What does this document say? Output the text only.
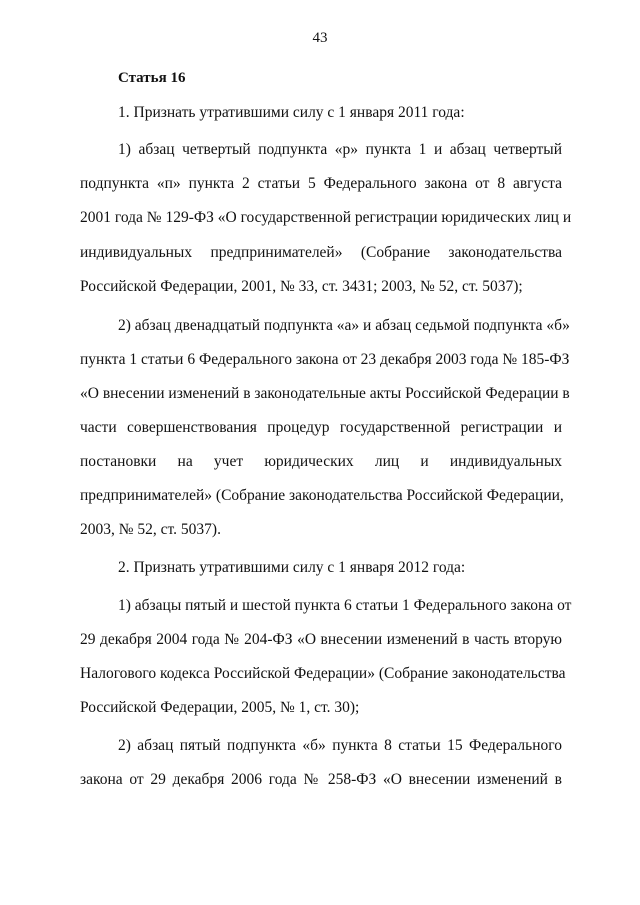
43
Статья 16
1. Признать утратившими силу с 1 января 2011 года:
1) абзац четвертый подпункта «р» пункта 1 и абзац четвертый
подпункта «п» пункта 2 статьи 5 Федерального закона от 8 августа
2001 года № 129-ФЗ «О государственной регистрации юридических лиц и
индивидуальных предпринимателей» (Собрание законодательства
Российской Федерации, 2001, № 33, ст. 3431; 2003, № 52, ст. 5037);
2) абзац двенадцатый подпункта «а» и абзац седьмой подпункта «б»
пункта 1 статьи 6 Федерального закона от 23 декабря 2003 года № 185-ФЗ
«О внесении изменений в законодательные акты Российской Федерации в
части совершенствования процедур государственной регистрации и
постановки на учет юридических лиц и индивидуальных
предпринимателей» (Собрание законодательства Российской Федерации,
2003, № 52, ст. 5037).
2. Признать утратившими силу с 1 января 2012 года:
1) абзацы пятый и шестой пункта 6 статьи 1 Федерального закона от
29 декабря 2004 года № 204-ФЗ «О внесении изменений в часть вторую
Налогового кодекса Российской Федерации» (Собрание законодательства
Российской Федерации, 2005, № 1, ст. 30);
2) абзац пятый подпункта «б» пункта 8 статьи 15 Федерального
закона от 29 декабря 2006 года № 258-ФЗ «О внесении изменений в
